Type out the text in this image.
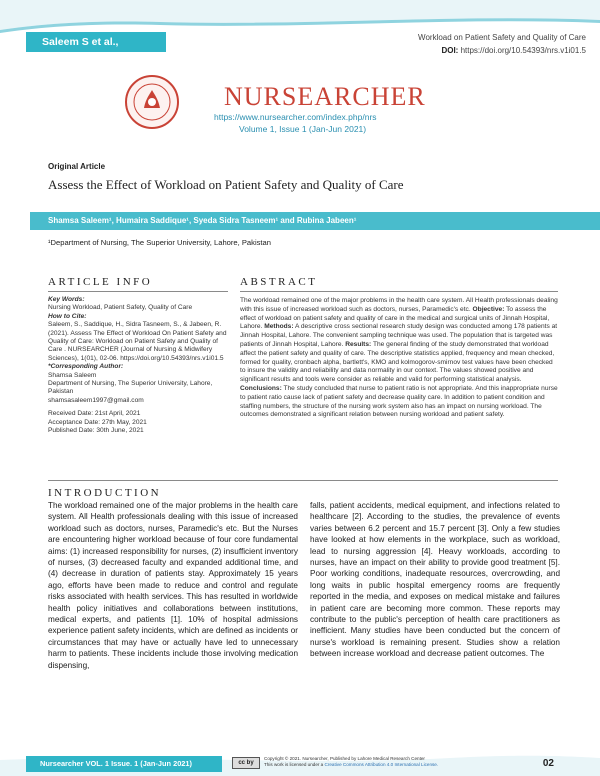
Saleem S et al.,	Workload on Patient Safety and Quality of Care
DOI: https://doi.org/10.54393/nrs.v1i01.5
NURSEARCHER
https://www.nursearcher.com/index.php/nrs
Volume 1, Issue 1 (Jan-Jun 2021)
Original Article
Assess the Effect of Workload on Patient Safety and Quality of Care
Shamsa Saleem¹, Humaira Saddique¹, Syeda Sidra Tasneem¹ and Rubina Jabeen¹
¹Department of Nursing, The Superior University, Lahore, Pakistan
ARTICLE INFO
Key Words:
Nursing Workload, Patient Safety, Quality of Care
How to Cite:
Saleem, S., Saddique, H., Sidra Tasneem, S., & Jabeen, R. (2021). Assess The Effect of Workload On Patient Safety and Quality of Care: Workload on Patient Safety and Quality of Care . NURSEARCHER (Journal of Nursing & Midwifery Sciences), 1(01), 02-06. https://doi.org/10.54393/nrs.v1i01.5
*Corresponding Author:
Shamsa Saleem
Department of Nursing, The Superior University, Lahore, Pakistan
shamsasaleem1997@gmail.com
Received Date: 21st April, 2021
Acceptance Date: 27th May, 2021
Published Date: 30th June, 2021
ABSTRACT
The workload remained one of the major problems in the health care system. All Health professionals dealing with this issue of increased workload such as doctors, nurses, Paramedic's etc. Objective: To assess the effect of workload on patient safety and quality of care in the medical and surgical units of Jinnah Hospital, Lahore. Methods: A descriptive cross sectional research study design was conducted among 178 patients at Jinnah Hospital, Lahore. The convenient sampling technique was used. The population that is targeted was patients of Jinnah Hospital, Lahore. Results: The general finding of the study demonstrated that workload affect the patient safety and quality of care. The descriptive statistics applied, frequency and mean checked, formed for quality, cronbach alpha, bartlett's, KMO and kolmogorov-smirnov test values have been checked to insure the validity and reliability and data normality in our context. The values showed positive and significant results and tools were consider as reliable and valid for performing statistical analysis. Conclusions: The study concluded that nurse to patient ratio is not appropriate. And this inappropriate nurse to patient ratio cause lack of patient safety and decrease quality care. In addition to patient condition and staffing numbers, the structure of the nursing work system also has an impact on nursing workload. The outcomes demonstrated a significant relation between nursing workload and patient safety.
INTRODUCTION
The workload remained one of the major problems in the health care system. All Health professionals dealing with this issue of increased workload such as doctors, nurses, Paramedic's etc. But the Nurses are encountering higher workload because of four core fundamental aims: (1) increased responsibility for nurses, (2) insufficient inventory of nurses, (3) decreased faculty and expanded additional time, and (4) decrease in duration of patients stay. Approximately 15 years ago, efforts have been made to reduce and control and regulate risks associated with health services. This has resulted in worldwide health policy initiatives and collaborations between institutions, medical experts, and patients [1]. 10% of hospital admissions experience patient safety incidents, which are defined as incidents or circumstances that may have or actually have led to unnecessary harm to patients. These incidents include those involving medication dispensing,
falls, patient accidents, medical equipment, and infections related to healthcare [2]. According to the studies, the prevalence of events varies between 6.2 percent and 15.7 percent [3]. Only a few studies have looked at how elements in the workplace, such as workload, lead to nursing aggression [4]. Heavy workloads, according to nurses, have an impact on their ability to provide good treatment [5]. Poor working conditions, inadequate resources, overcrowding, and long waits in public hospital emergency rooms are frequently reported in the media, and exposes on medical mistake and failures in patient care are becoming more common. These reports may contribute to the public's perception of health care practitioners as inefficient. Many studies have been conducted but the concern of nurse's workload is remaining present. Studies show a relation between increase workload and decrease patient outcomes. The
Nursearcher VOL. 1 Issue. 1 (Jan-Jun 2021)	cc by
Copyright © 2021. Nursearcher, Published by Lahore Medical Research Center
This work is licensed under a Creative Commons Attribution 4.0 International License.	02
